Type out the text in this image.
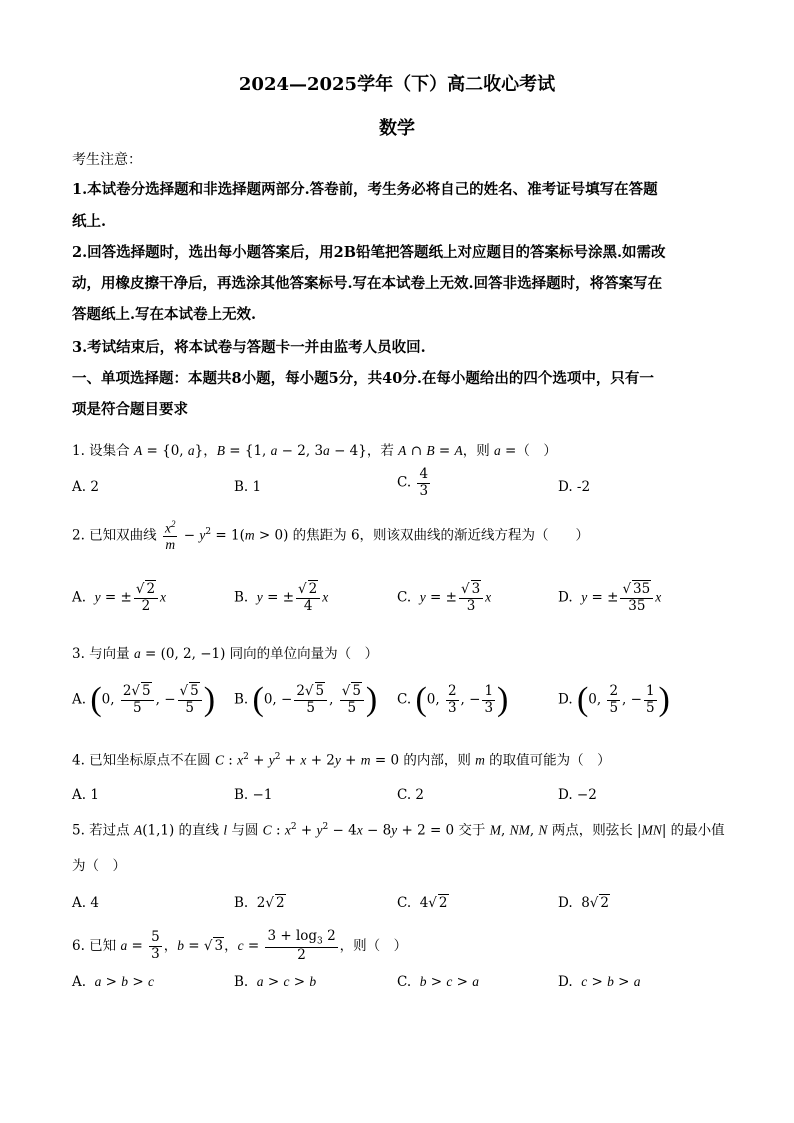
2024—2025学年（下）高二收心考试
数学
考生注意：
1.本试卷分选择题和非选择题两部分.答卷前，考生务必将自己的姓名、准考证号填写在答题
纸上.
2.回答选择题时，选出每小题答案后，用2B铅笔把答题纸上对应题目的答案标号涂黑.如需改
动，用橡皮擦干净后，再选涂其他答案标号.写在本试卷上无效.回答非选择题时，将答案写在
答题纸上.写在本试卷上无效.
3.考试结束后，将本试卷与答题卡一并由监考人员收回.
一、单项选择题：本题共8小题，每小题5分，共40分.在每小题给出的四个选项中，只有一
项是符合题目要求
1. 设集合 A = {0, a}，B = {1, a − 2, 3a − 4}，若 A ∩ B = A，则 a =（　）
A. 2	B. 1	C. $\frac{4}{3}$	D. -2
2. 已知双曲线 $\frac{x^2}{m} - y^2 = 1(m > 0)$ 的焦距为 6，则该双曲线的渐近线方程为（　　）
A.  y = ± $\frac{√ 2}{2}$ x	B.  y = ± $\frac{√ 2}{4}$ x	C.  y = ± $\frac{√ 3}{3}$ x	D.  y = ± $\frac{√ 35}{35}$ x
3. 与向量 a = (0, 2, −1) 同向的单位向量为（　）
A. (0, $\frac{2√ 5}{5}$ , − $\frac{√ 5}{5}$ ) B. (0, − $\frac{2√ 5}{5}$ , $\frac{√ 5}{5}$ ) C. (0, $\frac{2}{3}$ , − $\frac{1}{3}$ )	D. (0, $\frac{2}{5}$ , − $\frac{1}{5}$ )
4. 已知坐标原点不在圆 C : $x^2 + y^2 + x + 2y + m = 0$ 的内部，则 m 的取值可能为（　）
A. 1	B. −1	C. 2	D. −2
5. 若过点 A(1,1) 的直线 l 与圆 C : $x^2 + y^2 - 4x - 8y + 2 = 0$ 交于 M, NM, N 两点，则弦长 |MN| 的最小值
为（　）
A. 4	B.  2√ 2	C.  4√ 2	D.  8√ 2
6. 已知 $a = \frac{5}{3}$ ，b = √ 3，$c = \frac{3 + \log_3 2}{2}$ ，则（　）
A.  a > b > c	B.  a > c > b	C.  b > c > a	D.  c > b > a
